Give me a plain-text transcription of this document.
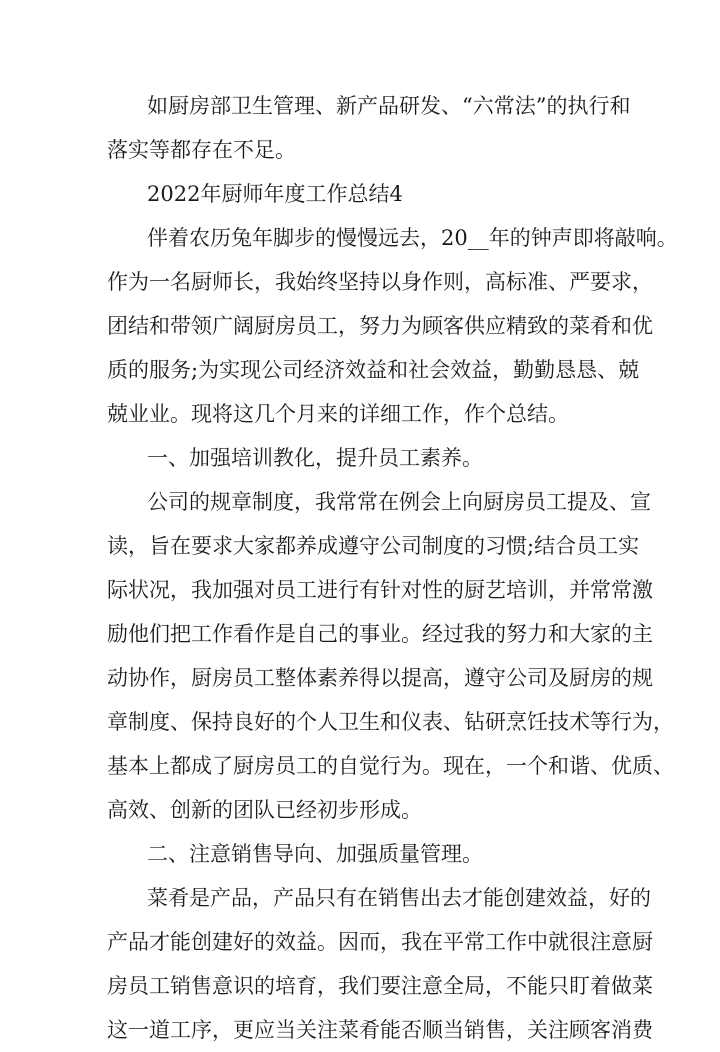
如厨房部卫生管理、新产品研发、“六常法”的执行和
落实等都存在不足。
2022年厨师年度工作总结4
伴着农历兔年脚步的慢慢远去，20__年的钟声即将敲响。
作为一名厨师长，我始终坚持以身作则，高标准、严要求，
团结和带领广阔厨房员工，努力为顾客供应精致的菜肴和优
质的服务;为实现公司经济效益和社会效益，勤勤恳恳、兢
兢业业。现将这几个月来的详细工作，作个总结。
一、加强培训教化，提升员工素养。
公司的规章制度，我常常在例会上向厨房员工提及、宣
读，旨在要求大家都养成遵守公司制度的习惯;结合员工实
际状况，我加强对员工进行有针对性的厨艺培训，并常常激
励他们把工作看作是自己的事业。经过我的努力和大家的主
动协作，厨房员工整体素养得以提高，遵守公司及厨房的规
章制度、保持良好的个人卫生和仪表、钻研烹饪技术等行为，
基本上都成了厨房员工的自觉行为。现在，一个和谐、优质、
高效、创新的团队已经初步形成。
二、注意销售导向、加强质量管理。
菜肴是产品，产品只有在销售出去才能创建效益，好的
产品才能创建好的效益。因而，我在平常工作中就很注意厨
房员工销售意识的培育，我们要注意全局，不能只盯着做菜
这一道工序，更应当关注菜肴能否顺当销售，关注顾客消费
